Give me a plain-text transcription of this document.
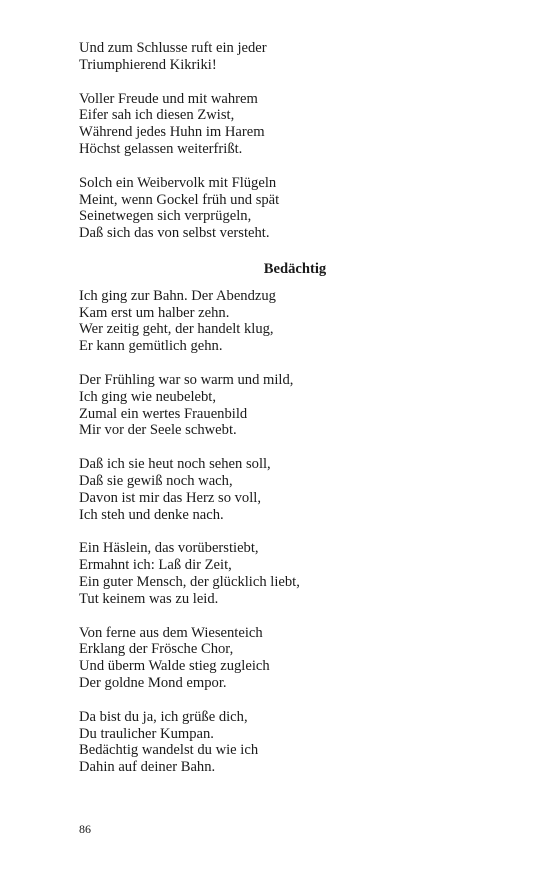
Und zum Schlusse ruft ein jeder
Triumphierend Kikriki!
Voller Freude und mit wahrem
Eifer sah ich diesen Zwist,
Während jedes Huhn im Harem
Höchst gelassen weiterfrißt.
Solch ein Weibervolk mit Flügeln
Meint, wenn Gockel früh und spät
Seinetwegen sich verprügeln,
Daß sich das von selbst versteht.
Bedächtig
Ich ging zur Bahn. Der Abendzug
Kam erst um halber zehn.
Wer zeitig geht, der handelt klug,
Er kann gemütlich gehn.
Der Frühling war so warm und mild,
Ich ging wie neubelebt,
Zumal ein wertes Frauenbild
Mir vor der Seele schwebt.
Daß ich sie heut noch sehen soll,
Daß sie gewiß noch wach,
Davon ist mir das Herz so voll,
Ich steh und denke nach.
Ein Häslein, das vorüberstiebt,
Ermahnt ich: Laß dir Zeit,
Ein guter Mensch, der glücklich liebt,
Tut keinem was zu leid.
Von ferne aus dem Wiesenteich
Erklang der Frösche Chor,
Und überm Walde stieg zugleich
Der goldne Mond empor.
Da bist du ja, ich grüße dich,
Du traulicher Kumpan.
Bedächtig wandelst du wie ich
Dahin auf deiner Bahn.
86
